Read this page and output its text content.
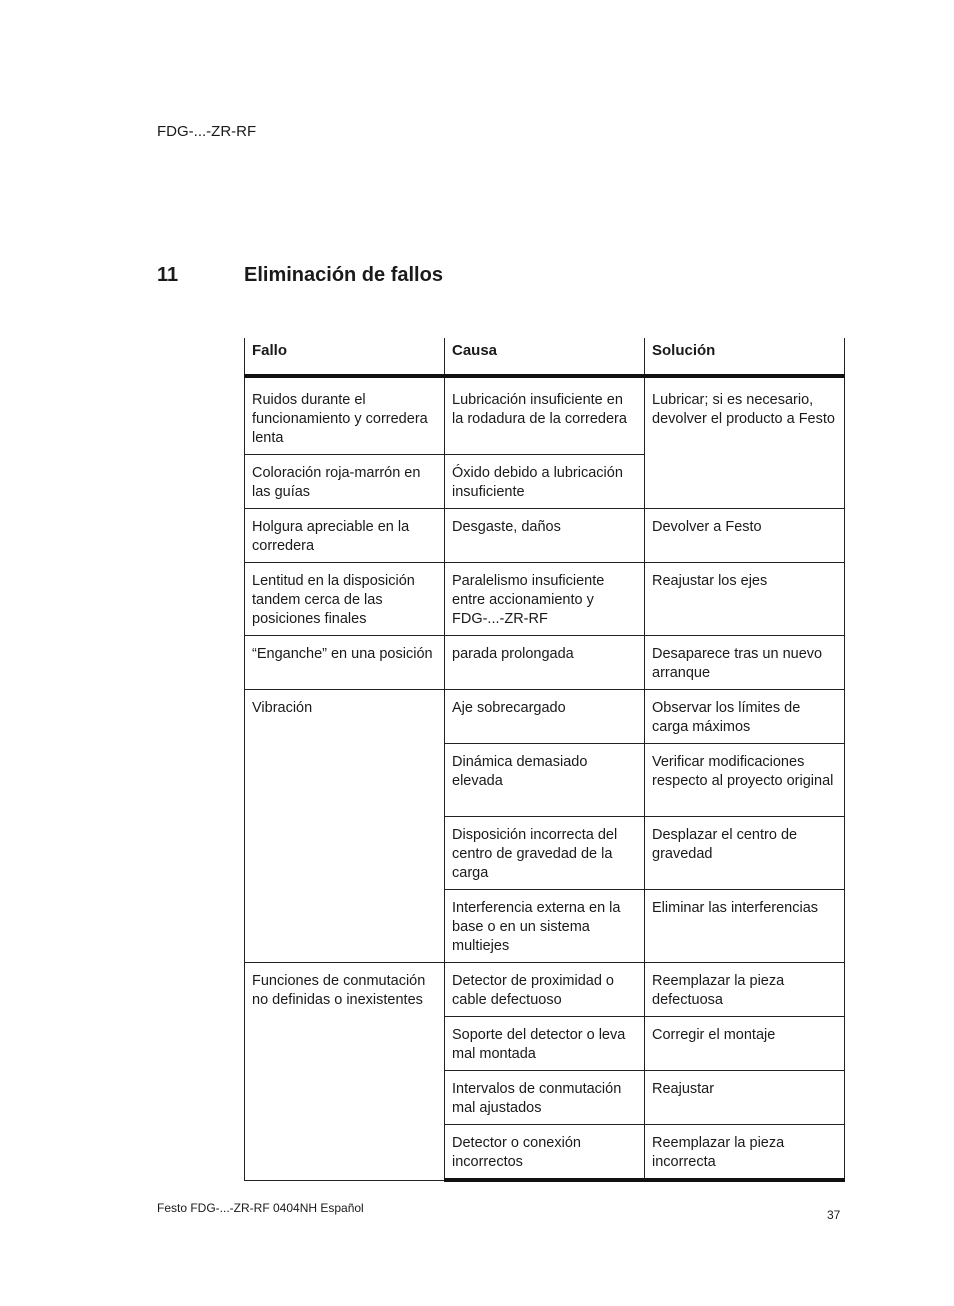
FDG-...-ZR-RF
11	Eliminación de fallos
Fallo	Causa	Solución
Ruidos durante el funcionamiento y corredera lenta	Lubricación insuficiente en la rodadura de la corredera	Lubricar; si es necesario, devolver el producto a Festo
Coloración roja-marrón en las guías	Óxido debido a lubricación insuficiente	
Holgura apreciable en la corredera	Desgaste, daños	Devolver a Festo
Lentitud en la disposición tandem cerca de las posiciones finales	Paralelismo insuficiente entre accionamiento y FDG-...-ZR-RF	Reajustar los ejes
“Enganche” en una posición	parada prolongada	Desaparece tras un nuevo arranque
Vibración	Aje sobrecargado	Observar los límites de carga máximos
	Dinámica demasiado elevada	Verificar modificaciones respecto al proyecto original
	Disposición incorrecta del centro de gravedad de la carga	Desplazar el centro de gravedad
	Interferencia externa en la base o en un sistema multiejes	Eliminar las interferencias
Funciones de conmutación no definidas o inexistentes	Detector de proximidad o cable defectuoso	Reemplazar la pieza defectuosa
	Soporte del detector o leva mal montada	Corregir el montaje
	Intervalos de conmutación mal ajustados	Reajustar
	Detector o conexión incorrectos	Reemplazar la pieza incorrecta
Festo FDG-...-ZR-RF 0404NH Español	37
